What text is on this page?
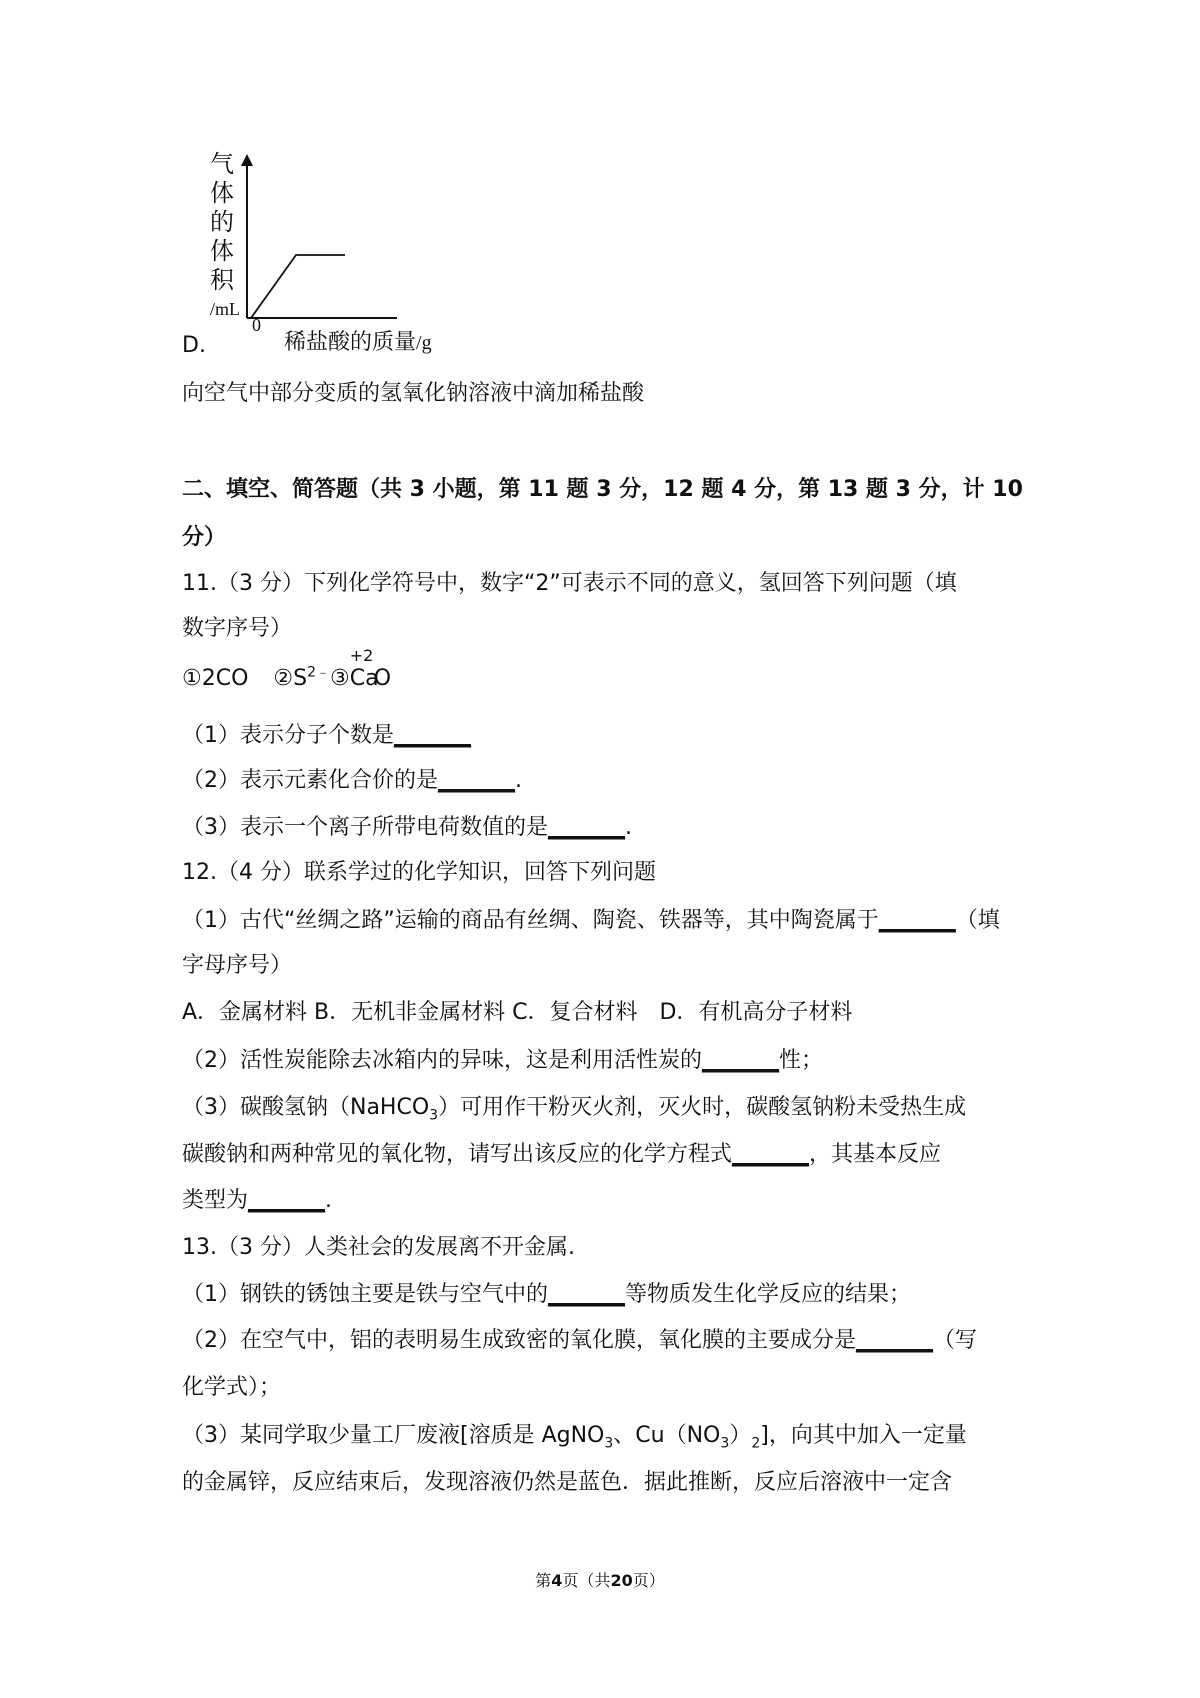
气
体
的
体
积
/mL
0
稀盐酸的质量/g
D.
向空气中部分变质的氢氧化钠溶液中滴加稀盐酸
二、填空、简答题（共 3 小题，第 11 题 3 分，12 题 4 分，第 13 题 3 分，计 10
分）
11.（3 分）下列化学符号中，数字“2”可表示不同的意义，氢回答下列问题（填
数字序号）
①2CO $②S^{2﹣}③$
+2
CaO
（1）表示分子个数是_______
（2）表示元素化合价的是_______.
（3）表示一个离子所带电荷数值的是_______.
12.（4 分）联系学过的化学知识，回答下列问题
（1）古代“丝绸之路”运输的商品有丝绸、陶瓷、铁器等，其中陶瓷属于_______（填
字母序号）
A．金属材料 B．无机非金属材料 C．复合材料　D．有机高分子材料
（2）活性炭能除去冰箱内的异味，这是利用活性炭的_______性；
（3）碳酸氢钠（NaHCO$_3$）可用作干粉灭火剂，灭火时，碳酸氢钠粉未受热生成
碳酸钠和两种常见的氧化物，请写出该反应的化学方程式_______，其基本反应
类型为_______.
13.（3 分）人类社会的发展离不开金属.
（1）钢铁的锈蚀主要是铁与空气中的_______等物质发生化学反应的结果；
（2）在空气中，铝的表明易生成致密的氧化膜，氧化膜的主要成分是_______（写
化学式）；
（3）某同学取少量工厂废液[溶质是 AgNO$_3$、$Cu(NO_3)_2$]，向其中加入一定量
的金属锌，反应结束后，发现溶液仍然是蓝色．据此推断，反应后溶液中一定含
第4页（共20页）
